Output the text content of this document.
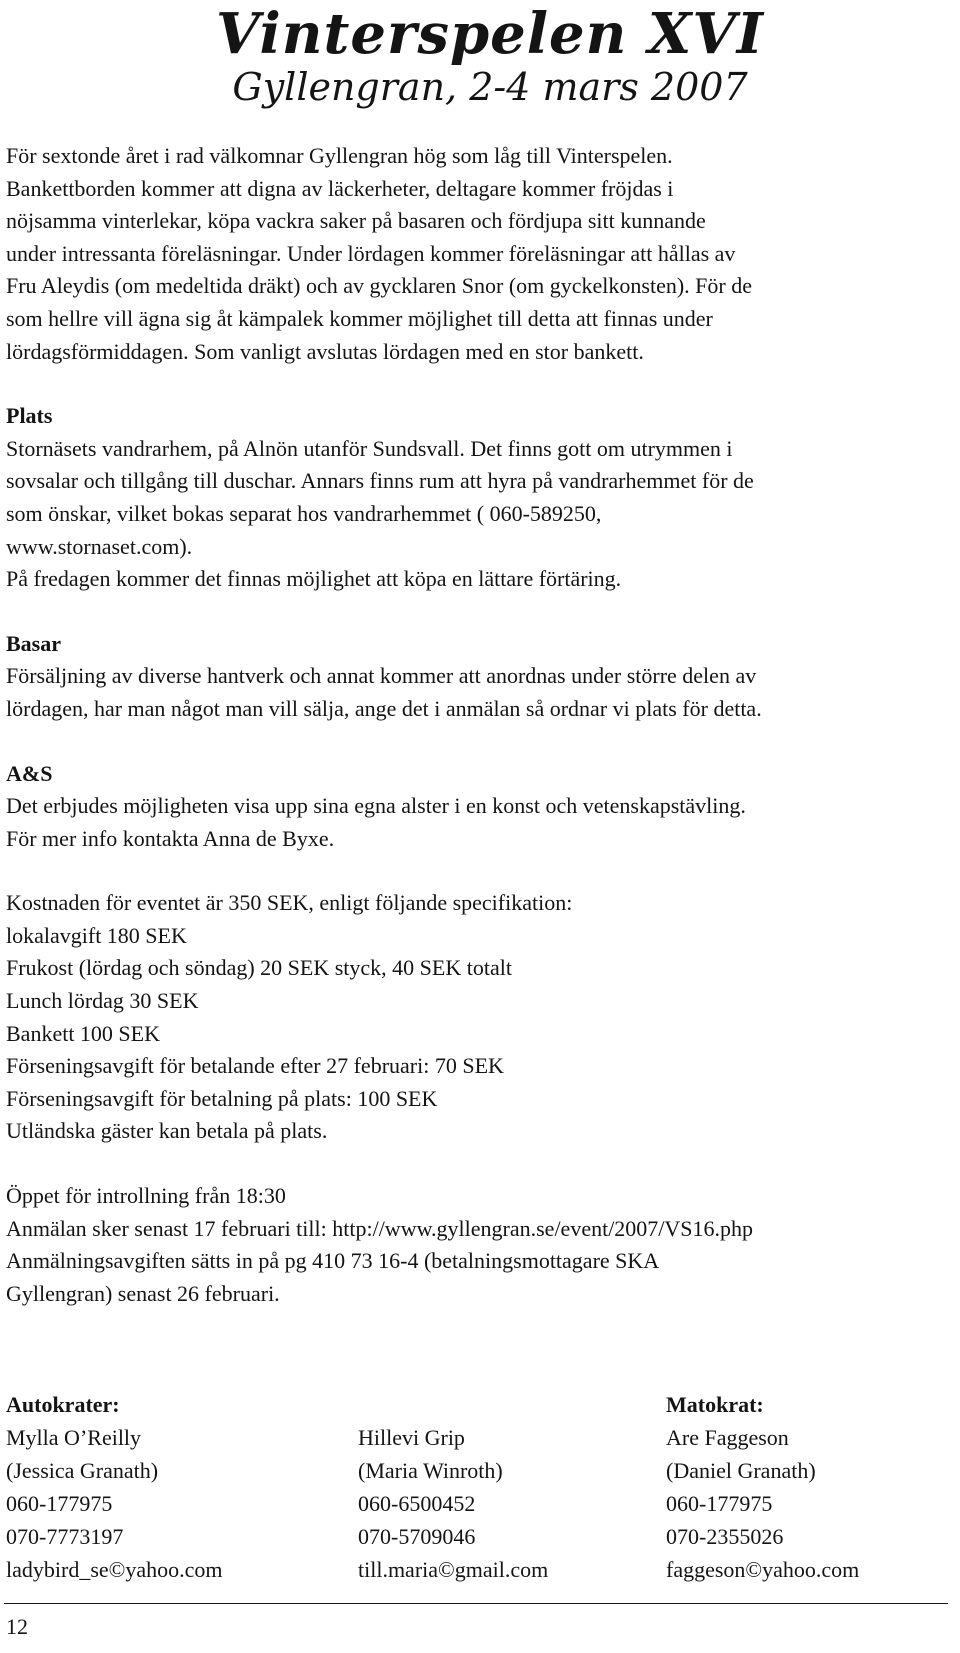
Vinterspelen XVI
Gyllengran, 2-4 mars 2007

För sextonde året i rad välkomnar Gyllengran hög som låg till Vinterspelen.

Bankettborden kommer att digna av läckerheter, deltagare kommer fröjdas i

nöjsamma vinterlekar, köpa vackra saker på basaren och fördjupa sitt kunnande

under intressanta föreläsningar. Under lördagen kommer föreläsningar att hållas av

Fru Aleydis (om medeltida dräkt) och av gycklaren Snor (om gyckelkonsten). För de

som hellre vill ägna sig åt kämpalek kommer möjlighet till detta att finnas under

lördagsförmiddagen. Som vanligt avslutas lördagen med en stor bankett.

Plats

Stornäsets vandrarhem, på Alnön utanför Sundsvall. Det finns gott om utrymmen i

sovsalar och tillgång till duschar. Annars finns rum att hyra på vandrarhemmet för de

som önskar, vilket bokas separat hos vandrarhemmet ( 060-589250,

www.stornaset.com).

På fredagen kommer det finnas möjlighet att köpa en lättare förtäring.

Basar

Försäljning av diverse hantverk och annat kommer att anordnas under större delen av

lördagen, har man något man vill sälja, ange det i anmälan så ordnar vi plats för detta.

A&S

Det erbjudes möjligheten visa upp sina egna alster i en konst och vetenskapstävling.

För mer info kontakta Anna de Byxe.

Kostnaden för eventet är 350 SEK, enligt följande specifikation:

lokalavgift 180 SEK

Frukost (lördag och söndag) 20 SEK styck, 40 SEK totalt

Lunch lördag 30 SEK

Bankett 100 SEK

Förseningsavgift för betalande efter 27 februari: 70 SEK

Förseningsavgift för betalning på plats: 100 SEK

Utländska gäster kan betala på plats.

Öppet för introllning från 18:30

Anmälan sker senast 17 februari till: http://www.gyllengran.se/event/2007/VS16.php

Anmälningsavgiften sätts in på pg 410 73 16-4 (betalningsmottagare SKA

Gyllengran) senast 26 februari.

Autokrater:
Mylla O’Reilly
(Jessica Granath)
060-177975
070-7773197
ladybird_se©yahoo.com
Hillevi Grip
(Maria Winroth)
060-6500452
070-5709046
till.maria©gmail.com
Matokrat:
Are Faggeson
(Daniel Granath)
060-177975
070-2355026
faggeson©yahoo.com
12
